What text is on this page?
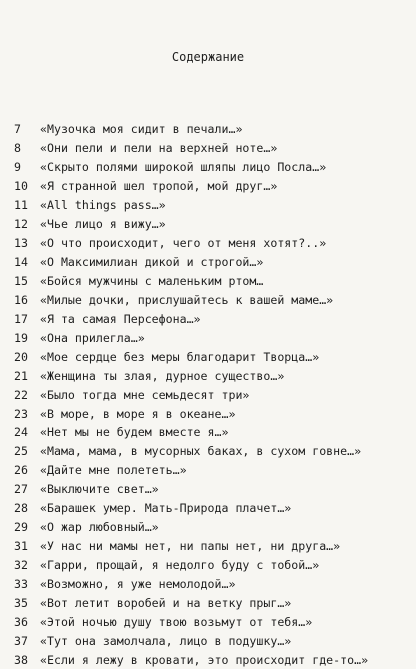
Содержание
7	«Музочка моя сидит в печали…»
8	«Они пели и пели на верхней ноте…»
9	«Скрыто полями широкой шляпы лицо Посла…»
10	«Я странной шел тропой, мой друг…»
11	«All things pass…»
12	«Чье лицо я вижу…»
13	«О что происходит, чего от меня хотят?..»
14	«О Максимилиан дикой и строгой…»
15	«Бойся мужчины с маленьким ртом…
16	«Милые дочки, прислушайтесь к вашей маме…»
17	«Я та самая Персефона…»
19	«Она прилегла…»
20	«Мое сердце без меры благодарит Творца…»
21	«Женщина ты злая, дурное существо…»
22	«Было тогда мне семьдесят три»
23	«В море, в море я в океане…»
24	«Нет мы не будем вместе я…»
25	«Мама, мама, в мусорных баках, в сухом говне…»
26	«Дайте мне полететь…»
27	«Выключите свет…»
28	«Барашек умер. Мать-Природа плачет…»
29	«О жар любовный…»
31	«У нас ни мамы нет, ни папы нет, ни друга…»
32	«Гарри, прощай, я недолго буду с тобой…»
33	«Возможно, я уже немолодой…»
35	«Вот летит воробей и на ветку прыг…»
36	«Этой ночью душу твою возьмут от тебя…»
37	«Тут она замолчала, лицо в подушку…»
38	«Если я лежу в кровати, это происходит где-то…»
